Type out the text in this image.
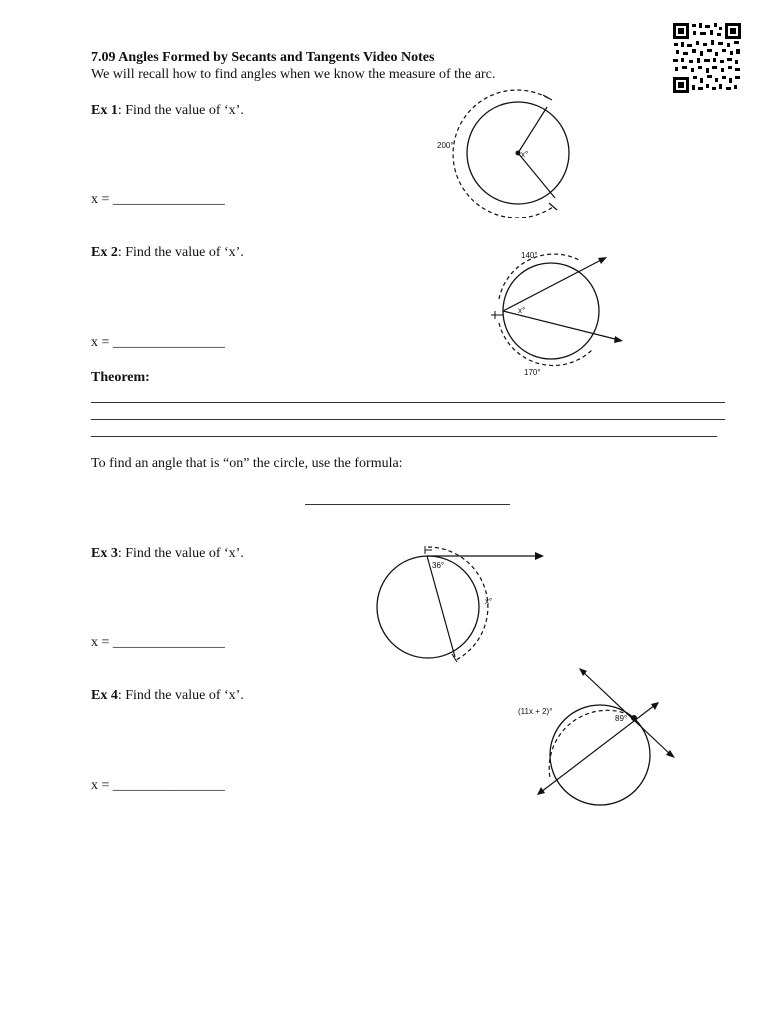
7.09 Angles Formed by Secants and Tangents Video Notes
We will recall how to find angles when we know the measure of the arc.
Ex 1: Find the value of ‘x’.
x = ________________
200°
x°
Ex 2: Find the value of ‘x’.
x = ________________
140°
170°
x°
Theorem:
To find an angle that is “on” the circle, use the formula:
Ex 3: Find the value of ‘x’.
x = ________________
36°
x°
Ex 4: Find the value of ‘x’.
x = ________________
(11x + 2)°
89°
